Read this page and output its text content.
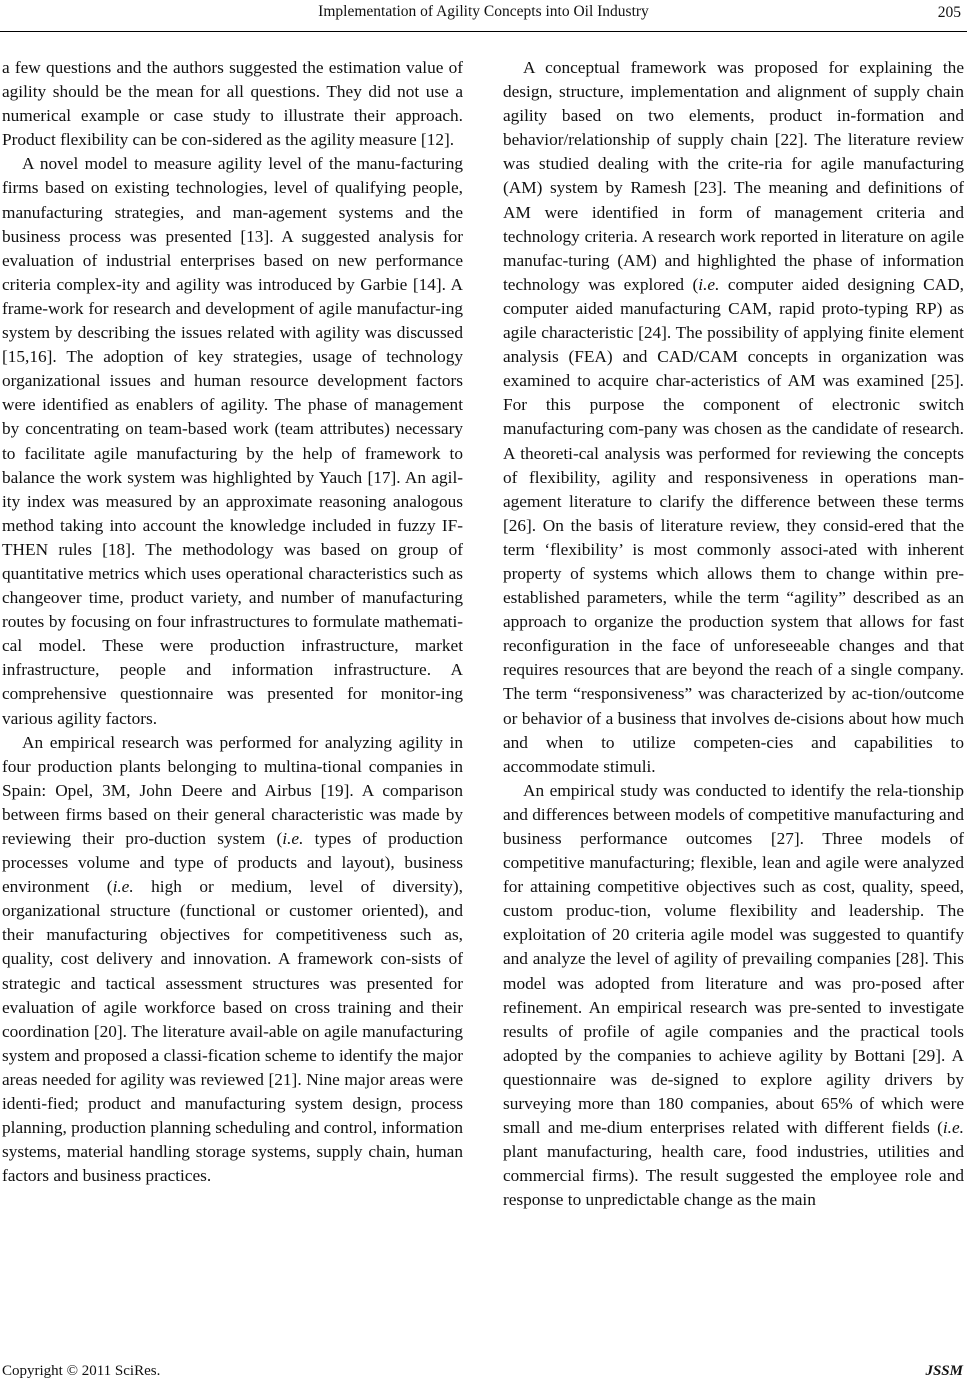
Implementation of Agility Concepts into Oil Industry	205

a few questions and the authors suggested the estimation value of agility should be the mean for all questions. They did not use a numerical example or case study to illustrate their approach. Product flexibility can be con-sidered as the agility measure [12].

A novel model to measure agility level of the manu-facturing firms based on existing technologies, level of qualifying people, manufacturing strategies, and man-agement systems and the business process was presented [13]. A suggested analysis for evaluation of industrial enterprises based on new performance criteria complex-ity and agility was introduced by Garbie [14]. A frame-work for research and development of agile manufactur-ing system by describing the issues related with agility was discussed [15,16]. The adoption of key strategies, usage of technology organizational issues and human resource development factors were identified as enablers of agility. The phase of management by concentrating on team-based work (team attributes) necessary to facilitate agile manufacturing by the help of framework to balance the work system was highlighted by Yauch [17]. An agil-ity index was measured by an approximate reasoning analogous method taking into account the knowledge included in fuzzy IF-THEN rules [18]. The methodology was based on group of quantitative metrics which uses operational characteristics such as changeover time, product variety, and number of manufacturing routes by focusing on four infrastructures to formulate mathemati-cal model. These were production infrastructure, market infrastructure, people and information infrastructure. A comprehensive questionnaire was presented for monitor-ing various agility factors.

An empirical research was performed for analyzing agility in four production plants belonging to multina-tional companies in Spain: Opel, 3M, John Deere and Airbus [19]. A comparison between firms based on their general characteristic was made by reviewing their pro-duction system (i.e. types of production processes volume and type of products and layout), business environment (i.e. high or medium, level of diversity), organizational structure (functional or customer oriented), and their manufacturing objectives for competitiveness such as, quality, cost delivery and innovation. A framework con-sists of strategic and tactical assessment structures was presented for evaluation of agile workforce based on cross training and their coordination [20]. The literature avail-able on agile manufacturing system and proposed a classi-fication scheme to identify the major areas needed for agility was reviewed [21]. Nine major areas were identi-fied; product and manufacturing system design, process planning, production planning scheduling and control, information systems, material handling storage systems, supply chain, human factors and business practices.

A conceptual framework was proposed for explaining the design, structure, implementation and alignment of supply chain agility based on two elements, product in-formation and behavior/relationship of supply chain [22]. The literature review was studied dealing with the crite-ria for agile manufacturing (AM) system by Ramesh [23]. The meaning and definitions of AM were identified in form of management criteria and technology criteria. A research work reported in literature on agile manufac-turing (AM) and highlighted the phase of information technology was explored (i.e. computer aided designing CAD, computer aided manufacturing CAM, rapid proto-typing RP) as agile characteristic [24]. The possibility of applying finite element analysis (FEA) and CAD/CAM concepts in organization was examined to acquire char-acteristics of AM was examined [25]. For this purpose the component of electronic switch manufacturing com-pany was chosen as the candidate of research. A theoreti-cal analysis was performed for reviewing the concepts of flexibility, agility and responsiveness in operations man-agement literature to clarify the difference between these terms [26]. On the basis of literature review, they consid-ered that the term ‘flexibility’ is most commonly associ-ated with inherent property of systems which allows them to change within pre-established parameters, while the term “agility” described as an approach to organize the production system that allows for fast reconfiguration in the face of unforeseeable changes and that requires resources that are beyond the reach of a single company. The term “responsiveness” was characterized by ac-tion/outcome or behavior of a business that involves de-cisions about how much and when to utilize competen-cies and capabilities to accommodate stimuli.

An empirical study was conducted to identify the rela-tionship and differences between models of competitive manufacturing and business performance outcomes [27]. Three models of competitive manufacturing; flexible, lean and agile were analyzed for attaining competitive objectives such as cost, quality, speed, custom produc-tion, volume flexibility and leadership. The exploitation of 20 criteria agile model was suggested to quantify and analyze the level of agility of prevailing companies [28]. This model was adopted from literature and was pro-posed after refinement. An empirical research was pre-sented to investigate results of profile of agile companies and the practical tools adopted by the companies to achieve agility by Bottani [29]. A questionnaire was de-signed to explore agility drivers by surveying more than 180 companies, about 65% of which were small and me-dium enterprises related with different fields (i.e. plant manufacturing, health care, food industries, utilities and commercial firms). The result suggested the employee role and response to unpredictable change as the main

Copyright © 2011 SciRes.	JSSM
